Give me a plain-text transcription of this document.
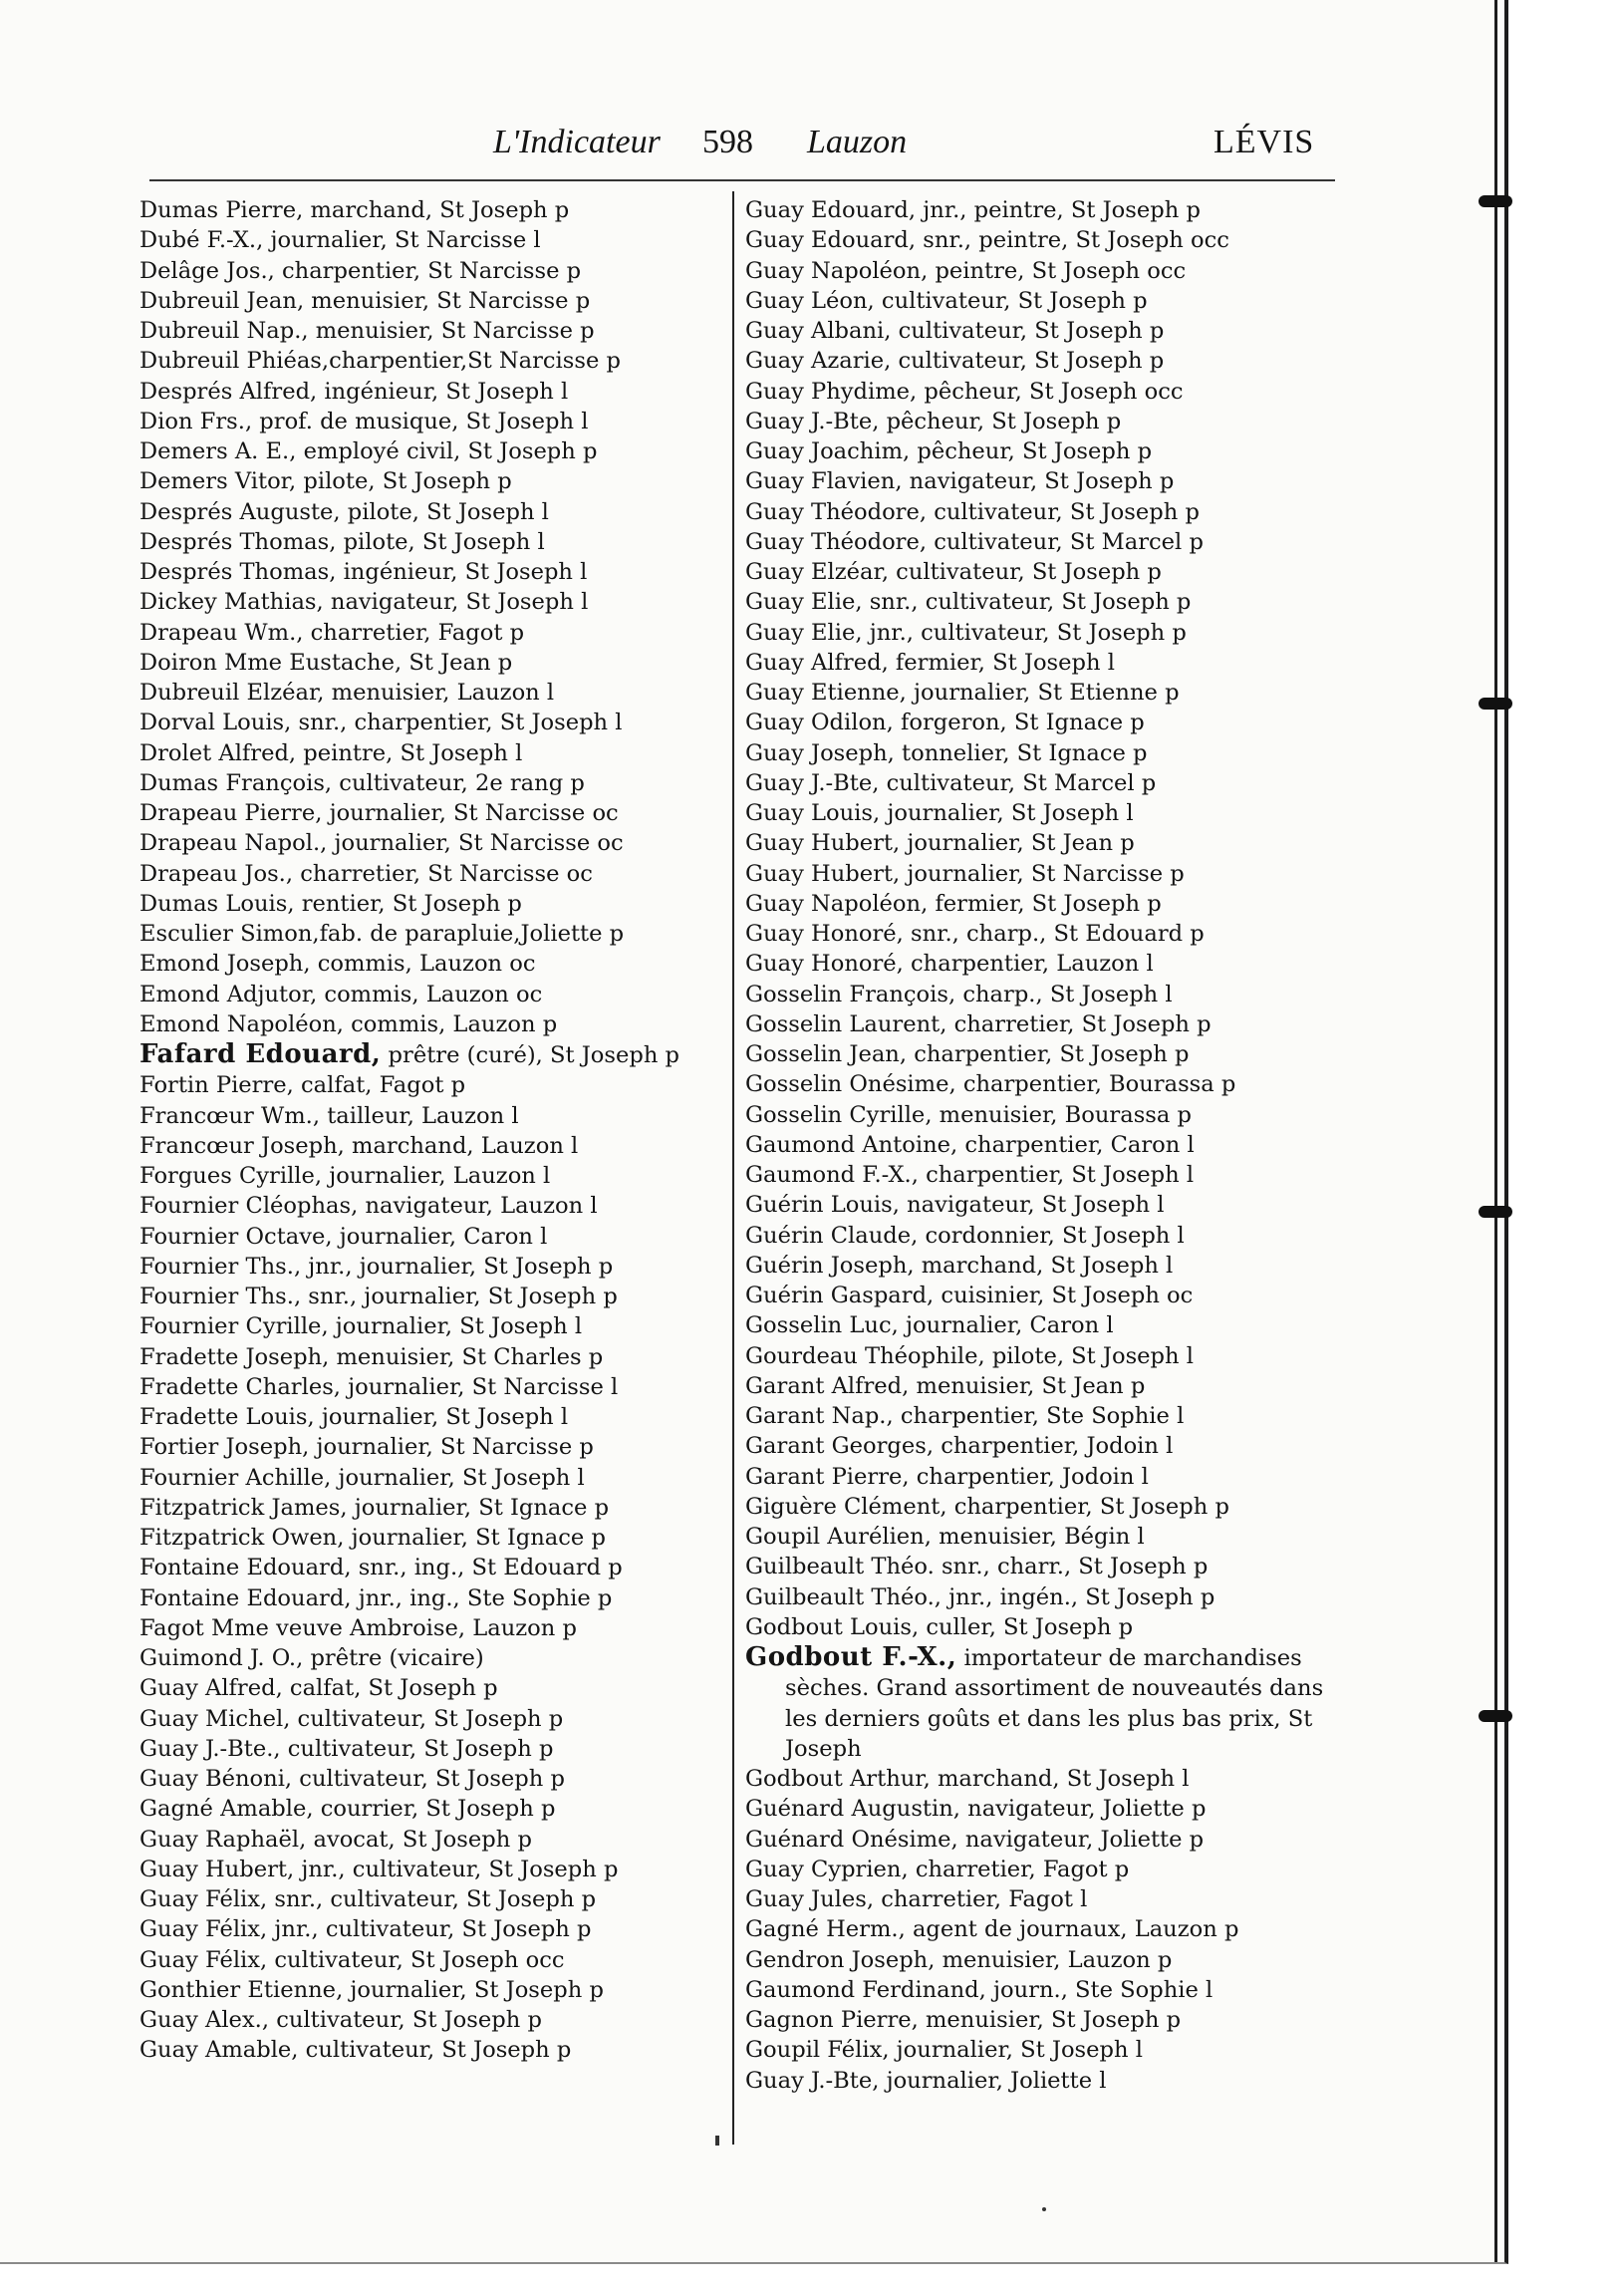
L'Indicateur 598 Lauzon	LÉVIS
Dumas Pierre, marchand, St Joseph p
Dubé F.-X., journalier, St Narcisse l
Delâge Jos., charpentier, St Narcisse p
Dubreuil Jean, menuisier, St Narcisse p
Dubreuil Nap., menuisier, St Narcisse p
Dubreuil Phiéas,charpentier,St Narcisse p
Després Alfred, ingénieur, St Joseph l
Dion Frs., prof. de musique, St Joseph l
Demers A. E., employé civil, St Joseph p
Demers Vitor, pilote, St Joseph p
Després Auguste, pilote, St Joseph l
Després Thomas, pilote, St Joseph l
Després Thomas, ingénieur, St Joseph l
Dickey Mathias, navigateur, St Joseph l
Drapeau Wm., charretier, Fagot p
Doiron Mme Eustache, St Jean p
Dubreuil Elzéar, menuisier, Lauzon l
Dorval Louis, snr., charpentier, St Joseph l
Drolet Alfred, peintre, St Joseph l
Dumas François, cultivateur, 2e rang p
Drapeau Pierre, journalier, St Narcisse oc
Drapeau Napol., journalier, St Narcisse oc
Drapeau Jos., charretier, St Narcisse oc
Dumas Louis, rentier, St Joseph p
Esculier Simon,fab. de parapluie,Joliette p
Emond Joseph, commis, Lauzon oc
Emond Adjutor, commis, Lauzon oc
Emond Napoléon, commis, Lauzon p
Fafard Edouard, prêtre (curé), St Joseph p
Fortin Pierre, calfat, Fagot p
Francœur Wm., tailleur, Lauzon l
Francœur Joseph, marchand, Lauzon l
Forgues Cyrille, journalier, Lauzon l
Fournier Cléophas, navigateur, Lauzon l
Fournier Octave, journalier, Caron l
Fournier Ths., jnr., journalier, St Joseph p
Fournier Ths., snr., journalier, St Joseph p
Fournier Cyrille, journalier, St Joseph l
Fradette Joseph, menuisier, St Charles p
Fradette Charles, journalier, St Narcisse l
Fradette Louis, journalier, St Joseph l
Fortier Joseph, journalier, St Narcisse p
Fournier Achille, journalier, St Joseph l
Fitzpatrick James, journalier, St Ignace p
Fitzpatrick Owen, journalier, St Ignace p
Fontaine Edouard, snr., ing., St Edouard p
Fontaine Edouard, jnr., ing., Ste Sophie p
Fagot Mme veuve Ambroise, Lauzon p
Guimond J. O., prêtre (vicaire)
Guay Alfred, calfat, St Joseph p
Guay Michel, cultivateur, St Joseph p
Guay J.-Bte., cultivateur, St Joseph p
Guay Bénoni, cultivateur, St Joseph p
Gagné Amable, courrier, St Joseph p
Guay Raphaël, avocat, St Joseph p
Guay Hubert, jnr., cultivateur, St Joseph p
Guay Félix, snr., cultivateur, St Joseph p
Guay Félix, jnr., cultivateur, St Joseph p
Guay Félix, cultivateur, St Joseph occ
Gonthier Etienne, journalier, St Joseph p
Guay Alex., cultivateur, St Joseph p
Guay Amable, cultivateur, St Joseph p
Guay Edouard, jnr., peintre, St Joseph p
Guay Edouard, snr., peintre, St Joseph occ
Guay Napoléon, peintre, St Joseph occ
Guay Léon, cultivateur, St Joseph p
Guay Albani, cultivateur, St Joseph p
Guay Azarie, cultivateur, St Joseph p
Guay Phydime, pêcheur, St Joseph occ
Guay J.-Bte, pêcheur, St Joseph p
Guay Joachim, pêcheur, St Joseph p
Guay Flavien, navigateur, St Joseph p
Guay Théodore, cultivateur, St Joseph p
Guay Théodore, cultivateur, St Marcel p
Guay Elzéar, cultivateur, St Joseph p
Guay Elie, snr., cultivateur, St Joseph p
Guay Elie, jnr., cultivateur, St Joseph p
Guay Alfred, fermier, St Joseph l
Guay Etienne, journalier, St Etienne p
Guay Odilon, forgeron, St Ignace p
Guay Joseph, tonnelier, St Ignace p
Guay J.-Bte, cultivateur, St Marcel p
Guay Louis, journalier, St Joseph l
Guay Hubert, journalier, St Jean p
Guay Hubert, journalier, St Narcisse p
Guay Napoléon, fermier, St Joseph p
Guay Honoré, snr., charp., St Edouard p
Guay Honoré, charpentier, Lauzon l
Gosselin François, charp., St Joseph l
Gosselin Laurent, charretier, St Joseph p
Gosselin Jean, charpentier, St Joseph p
Gosselin Onésime, charpentier, Bourassa p
Gosselin Cyrille, menuisier, Bourassa p
Gaumond Antoine, charpentier, Caron l
Gaumond F.-X., charpentier, St Joseph l
Guérin Louis, navigateur, St Joseph l
Guérin Claude, cordonnier, St Joseph l
Guérin Joseph, marchand, St Joseph l
Guérin Gaspard, cuisinier, St Joseph oc
Gosselin Luc, journalier, Caron l
Gourdeau Théophile, pilote, St Joseph l
Garant Alfred, menuisier, St Jean p
Garant Nap., charpentier, Ste Sophie l
Garant Georges, charpentier, Jodoin l
Garant Pierre, charpentier, Jodoin l
Giguère Clément, charpentier, St Joseph p
Goupil Aurélien, menuisier, Bégin l
Guilbeault Théo. snr., charr., St Joseph p
Guilbeault Théo., jnr., ingén., St Joseph p
Godbout Louis, culler, St Joseph p
Godbout F.-X., importateur de marchandises sèches. Grand assortiment de nouveautés dans les derniers goûts et dans les plus bas prix, St Joseph
Godbout Arthur, marchand, St Joseph l
Guénard Augustin, navigateur, Joliette p
Guénard Onésime, navigateur, Joliette p
Guay Cyprien, charretier, Fagot p
Guay Jules, charretier, Fagot l
Gagné Herm., agent de journaux, Lauzon p
Gendron Joseph, menuisier, Lauzon p
Gaumond Ferdinand, journ., Ste Sophie l
Gagnon Pierre, menuisier, St Joseph p
Goupil Félix, journalier, St Joseph l
Guay J.-Bte, journalier, Joliette l
